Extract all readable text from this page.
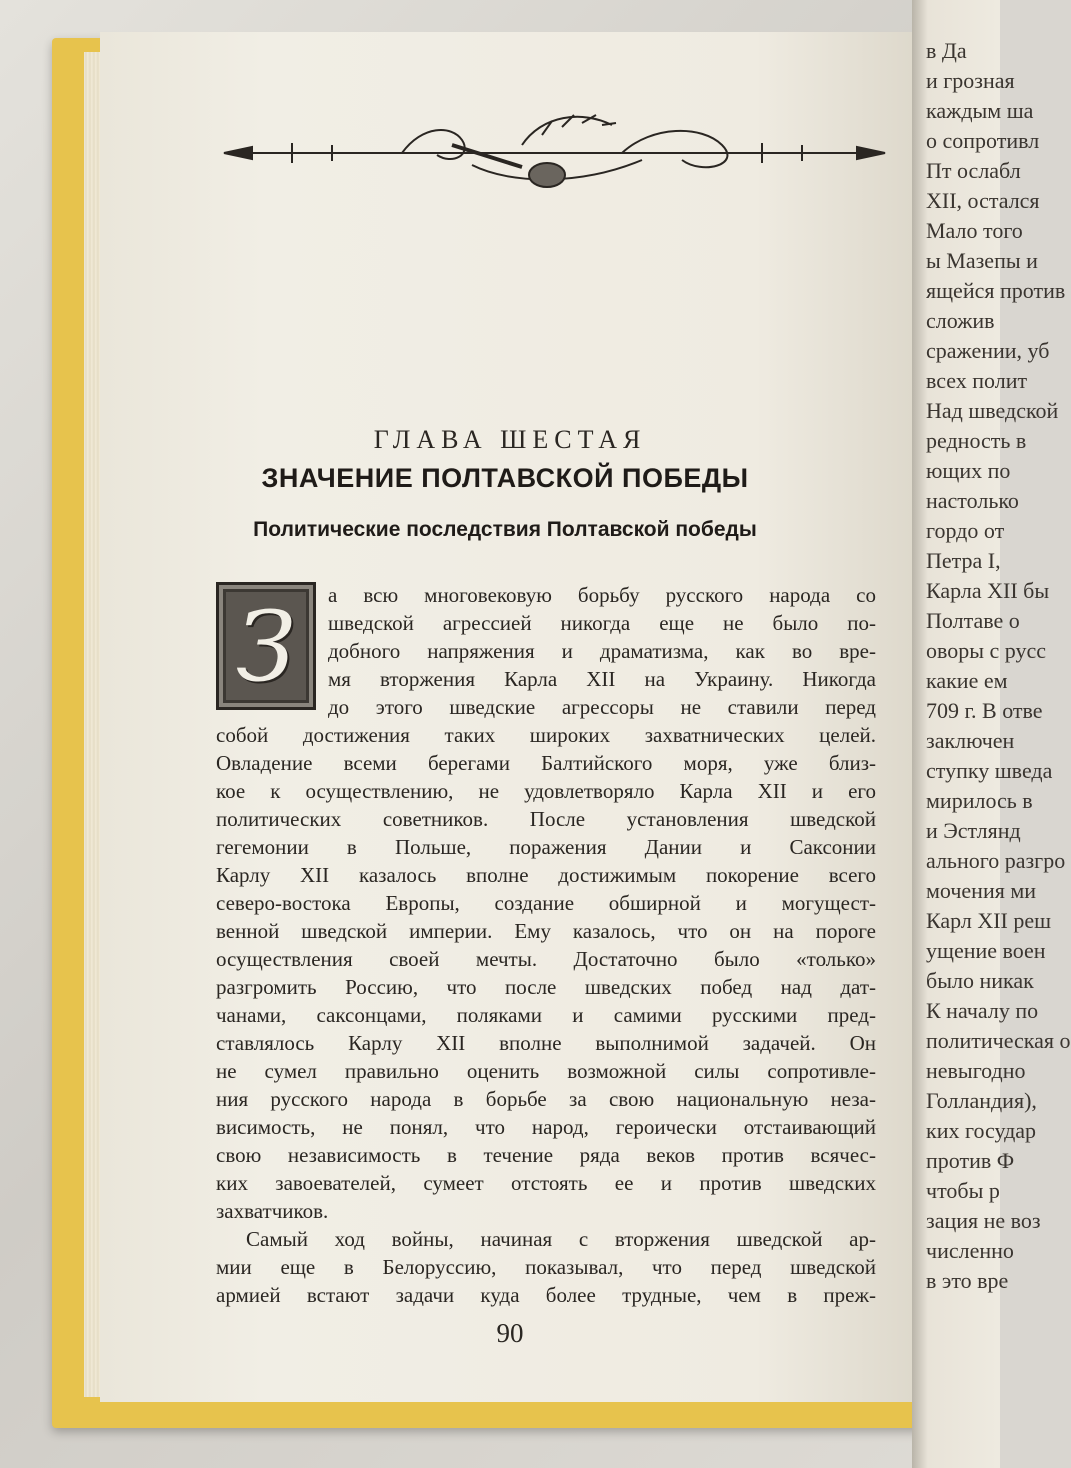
в Да
и грозная
каждым ша
о сопротивл
Пт ослабл
XII, остался
Мало того
ы Мазепы и
ящейся против
сложив
сражении, уб
всех полит
Над шведской
редность в
ющих по
настолько
гордо от
Петра I,
Карла XII бы
Полтаве о
оворы с русс
какие ем
709 г. В отве
заключен
ступку шведа
мирилось в
и Эстлянд
ального разгро
мочения ми
Карл XII реш
ущение воен
было никак
К началу по
политическая о
невыгодно
Голландия),
ких государ
против Ф
чтобы р
зация не воз
численно
в это вре
ГЛАВА ШЕСТАЯ
ЗНАЧЕНИЕ ПОЛТАВСКОЙ ПОБЕДЫ
Политические последствия Полтавской победы
З	а всю многовековую борьбу русского народа со
шведской агрессией никогда еще не было по-
добного напряжения и драматизма, как во вре-
мя вторжения Карла XII на Украину. Никогда
до этого шведские агрессоры не ставили перед
собой достижения таких широких захватнических целей.
Овладение всеми берегами Балтийского моря, уже близ-
кое к осуществлению, не удовлетворяло Карла XII и его
политических советников. После установления шведской
гегемонии в Польше, поражения Дании и Саксонии
Карлу XII казалось вполне достижимым покорение всего
северо-востока Европы, создание обширной и могущест-
венной шведской империи. Ему казалось, что он на пороге
осуществления своей мечты. Достаточно было «только»
разгромить Россию, что после шведских побед над дат-
чанами, саксонцами, поляками и самими русскими пред-
ставлялось Карлу XII вполне выполнимой задачей. Он
не сумел правильно оценить возможной силы сопротивле-
ния русского народа в борьбе за свою национальную неза-
висимость, не понял, что народ, героически отстаивающий
свою независимость в течение ряда веков против всячес-
ких завоевателей, сумеет отстоять ее и против шведских
захватчиков.
Самый ход войны, начиная с вторжения шведской ар-
мии еще в Белоруссию, показывал, что перед шведской
армией встают задачи куда более трудные, чем в преж-
90
